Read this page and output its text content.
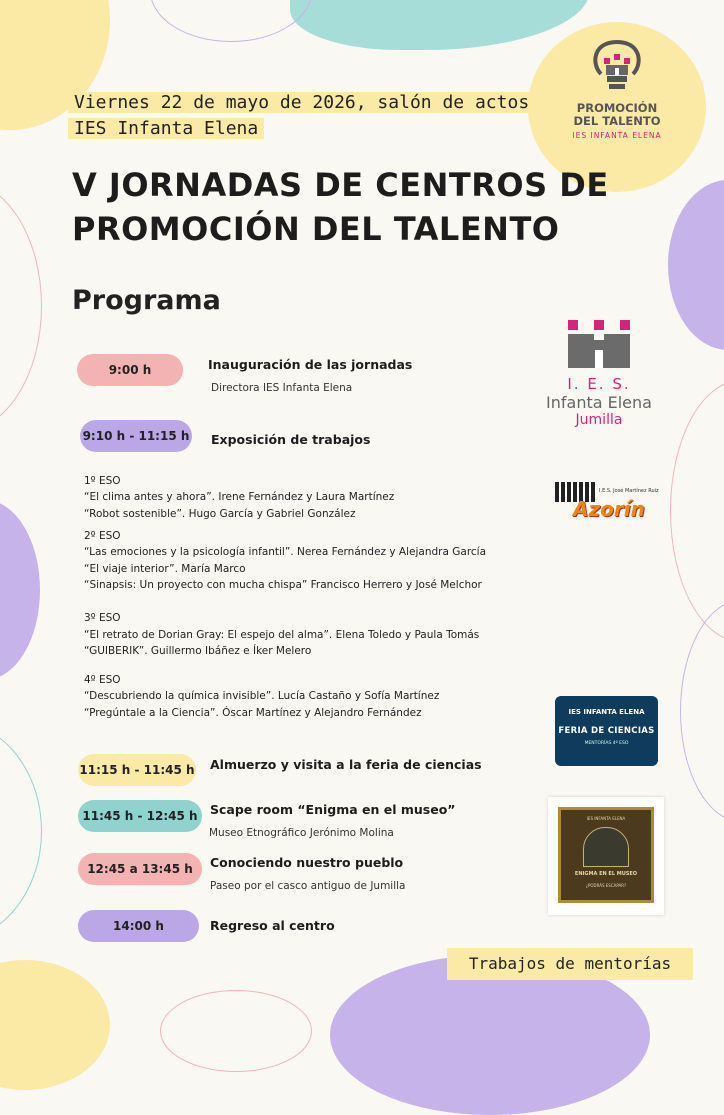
PROMOCIÓN
DEL TALENTO
IES INFANTA ELENA
Viernes 22 de mayo de 2026, salón de actos
IES Infanta Elena
V JORNADAS DE CENTROS DE
PROMOCIÓN DEL TALENTO
Programa
9:00 h	Inauguración de las jornadas
Directora IES Infanta Elena
9:10 h - 11:15 h Exposición de trabajos
11:15 h - 11:45 h Almuerzo y visita a la feria de ciencias
11:45 h - 12:45 h Scape room “Enigma en el museo”
Museo Etnográfico Jerónimo Molina
12:45 a 13:45 h	Conociendo nuestro pueblo
Paseo por el casco antiguo de Jumilla
14:00 h	Regreso al centro
1º ESO
“El clima antes y ahora”. Irene Fernández y Laura Martínez
“Robot sostenible”. Hugo García y Gabriel González
2º ESO
“Las emociones y la psicología infantil”. Nerea Fernández y Alejandra García
“El viaje interior”. María Marco
“Sinapsis: Un proyecto con mucha chispa” Francisco Herrero y José Melchor
3º ESO
“El retrato de Dorian Gray: El espejo del alma”. Elena Toledo y Paula Tomás
“GUIBERIK”. Guillermo Ibáñez e Íker Melero
4º ESO
“Descubriendo la química invisible”. Lucía Castaño y Sofía Martínez
“Pregúntale a la Ciencia”. Óscar Martínez y Alejandro Fernández
I. E. S.
Infanta Elena
Jumilla
I.E.S. José Martínez Ruiz
Azorín
IES INFANTA ELENA
FERIA DE CIENCIAS
MENTORÍAS 4º ESO
IES INFANTA ELENA
ENIGMA EN EL MUSEO
¿PODRÁS ESCAPAR?
Trabajos de mentorías
